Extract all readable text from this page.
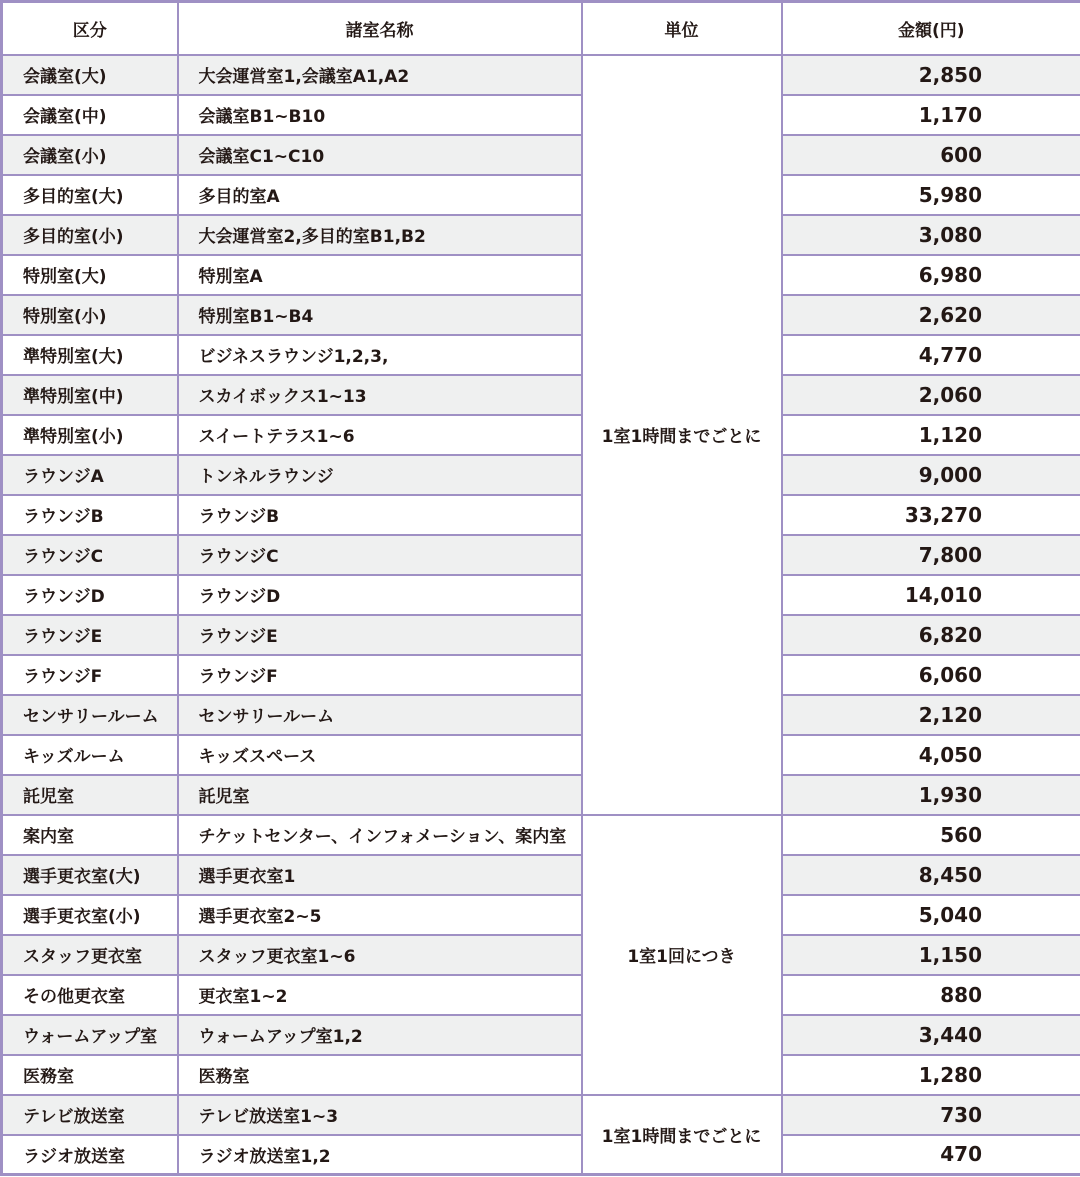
区分	諸室名称	単位	金額(円)
会議室(大)	大会運営室1,会議室A1,A2	1室1時間までごとに	2,850
会議室(中)	会議室B1~B10		1,170
会議室(小)	会議室C1~C10		600
多目的室(大)	多目的室A		5,980
多目的室(小)	大会運営室2,多目的室B1,B2		3,080
特別室(大)	特別室A		6,980
特別室(小)	特別室B1~B4		2,620
準特別室(大)	ビジネスラウンジ1,2,3,		4,770
準特別室(中)	スカイボックス1~13		2,060
準特別室(小)	スイートテラス1~6		1,120
ラウンジA	トンネルラウンジ		9,000
ラウンジB	ラウンジB		33,270
ラウンジC	ラウンジC		7,800
ラウンジD	ラウンジD		14,010
ラウンジE	ラウンジE		6,820
ラウンジF	ラウンジF		6,060
センサリールーム	センサリールーム		2,120
キッズルーム	キッズスペース		4,050
託児室	託児室		1,930
案内室	チケットセンター、インフォメーション、案内室	1室1回につき	560
選手更衣室(大)	選手更衣室1		8,450
選手更衣室(小)	選手更衣室2~5		5,040
スタッフ更衣室	スタッフ更衣室1~6		1,150
その他更衣室	更衣室1~2		880
ウォームアップ室	ウォームアップ室1,2		3,440
医務室	医務室		1,280
テレビ放送室	テレビ放送室1~3	1室1時間までごとに	730
ラジオ放送室	ラジオ放送室1,2		470
